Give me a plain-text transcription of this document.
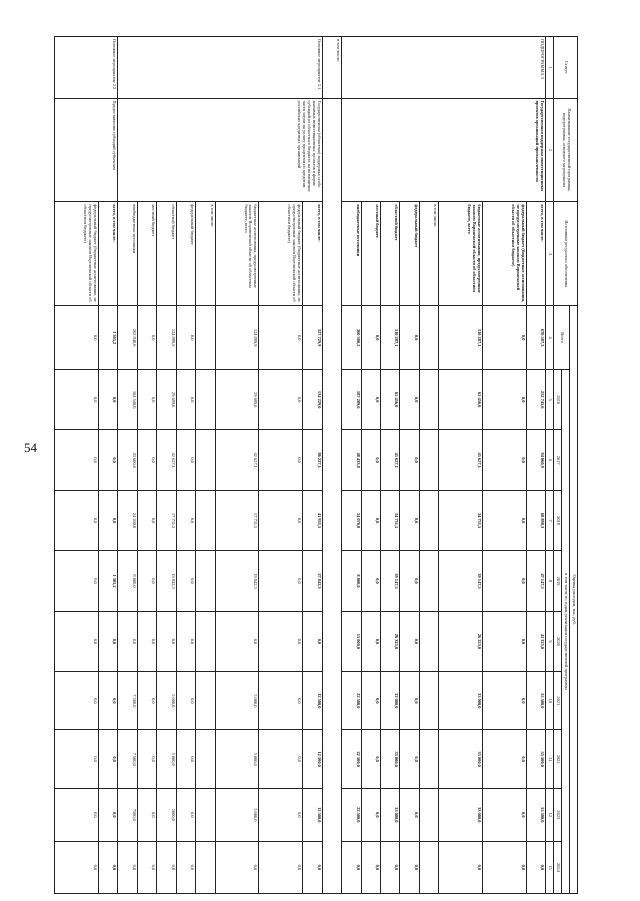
54
Статус	Наименование государственной программы, подпрограммы, основного мероприятия	Источники ресурсного обеспечения	Оценка расходов, тыс. руб.									
			Всего	в том числе по годам реализации государственной программы								
				2016	2017	2018	2019	2020	2021	2022	2023	2024
1	2	3	4	5	6	7	8	9	10	11	12	13
ПОДПРОГРАММА 3	Государственная поддержка инвестиционных проектов организаций промышленности	всего, в том числе:	670 587,3	252 745,6	94 060,9	68 898,3	47 147,5	41 325,0	55 500,0	55 500,0	55 500,0	0,0
		федеральный бюджет (бюджетные ассигнования, не предусмотренные законом Воронежской области об областном бюджете)	0,0	0,0	0,0	0,0	0,0	0,0	0,0	0,0	0,0	0,0
		бюджетные ассигнования, предусмотренные законом Воронежской области об областном бюджете, всего	310 287,1	65 456,0	45 627,1	34 731,5	39 147,5	26 325,0	33 000,0	33 000,0	33 000,0	0,0
		в том числе:										
		федеральный бюджет	0,0	0,0	0,0	0,0	0,0	0,0	0,0	0,0	0,0	0,0
		областной бюджет	310 287,1	65 456,0	45 627,1	34 731,5	39 147,5	26 325,0	33 000,0	33 000,0	33 000,0	0,0
		местный бюджет	0,0	0,0	0,0	0,0	0,0	0,0	0,0	0,0	0,0	0,0
		внебюджетные источники	360 300,2	187 289,6	48 433,8	34 076,8	8 000,0	15 000,0	22 500,0	22 500,0	22 500,0	0,0
в том числе:												
Основное мероприятие 2.1	Государственная (областная) поддержка особо значимых инвестиционных проектов в форме субсидий из областного бюджета на возмещение части затрат на уплату процентов по кредитам российских кредитных организаций	всего, в том числе:	327 729,9	134 229,0	86 227,1	41 931,5	27 842,3	0,0	12 500,0	12 500,0	12 500,0	0,0
		федеральный бюджет (бюджетные ассигнования, не предусмотренные законом Воронежской области об областном бюджете)	0,0	0,0	0,0	0,0	0,0	0,0	0,0	0,0	0,0	0,0
		бюджетные ассигнования, предусмотренные законом Воронежской области об областном бюджете, всего	124 889,9	29 689,0	42 627,1	17 731,5	19 842,3	0,0	5 000,0	5 000,0	5 000,0	0,0
		в том числе:										
		федеральный бюджет	0,0	0,0	0,0	0,0	0,0	0,0	0,0	0,0	0,0	0,0
		областной бюджет	124 889,9	29 689,0	42 627,1	17 731,5	19 842,3	0,0	5 000,0	5 000,0	5000,0	0,0
		местный бюджет	0,0	0,0	0,0	0,0	0,0	0,0	0,0	0,0	0,0	0,0
		внебюджетные источники	202 840,0	104 540,0	43 600,0	24 200,0	8 000,0	0,0	7 500,0	7 500,0	7500,0	0,0
Основное мероприятие 2.2	Предоставление субсидий субъектам	всего, в том числе:	1 305,2	0,0	0,0	0,0	1 305,2	0,0	0,0	0,0	0,0	0,0
		федеральный бюджет (бюджетные ассигнования, не предусмотренные законом Воронежской области об областном бюджете)	0,0	0,0	0,0	0,0	0,0	0,0	0,0	0,0	0,0	0,0
